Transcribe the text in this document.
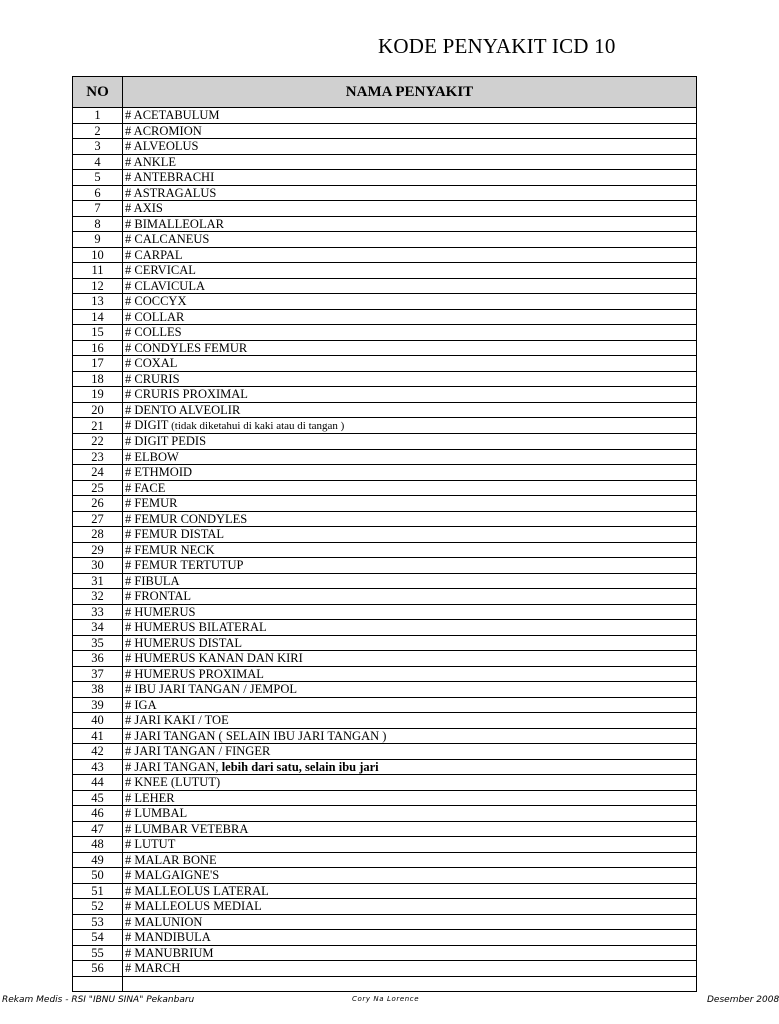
KODE PENYAKIT ICD 10
NO	NAMA PENYAKIT
1	# ACETABULUM
2	# ACROMION
3	# ALVEOLUS
4	# ANKLE
5	# ANTEBRACHI
6	# ASTRAGALUS
7	# AXIS
8	# BIMALLEOLAR
9	# CALCANEUS
10	# CARPAL
11	# CERVICAL
12	# CLAVICULA
13	# COCCYX
14	# COLLAR
15	# COLLES
16	# CONDYLES FEMUR
17	# COXAL
18	# CRURIS
19	# CRURIS PROXIMAL
20	# DENTO ALVEOLIR
21	# DIGIT (tidak diketahui di kaki atau di tangan )
22	# DIGIT PEDIS
23	# ELBOW
24	# ETHMOID
25	# FACE
26	# FEMUR
27	# FEMUR CONDYLES
28	# FEMUR DISTAL
29	# FEMUR NECK
30	# FEMUR TERTUTUP
31	# FIBULA
32	# FRONTAL
33	# HUMERUS
34	# HUMERUS BILATERAL
35	# HUMERUS DISTAL
36	# HUMERUS KANAN DAN KIRI
37	# HUMERUS PROXIMAL
38	# IBU JARI TANGAN / JEMPOL
39	# IGA
40	# JARI KAKI / TOE
41	# JARI TANGAN ( SELAIN IBU JARI TANGAN )
42	# JARI TANGAN / FINGER
43	# JARI TANGAN, lebih dari satu, selain ibu jari
44	# KNEE (LUTUT)
45	# LEHER
46	# LUMBAL
47	# LUMBAR VETEBRA
48	# LUTUT
49	# MALAR BONE
50	# MALGAIGNE'S
51	# MALLEOLUS LATERAL
52	# MALLEOLUS MEDIAL
53	# MALUNION
54	# MANDIBULA
55	# MANUBRIUM
56	# MARCH

Rekam Medis - RSI "IBNU SINA" Pekanbaru	Cory Na Lorence	Desember 2008
